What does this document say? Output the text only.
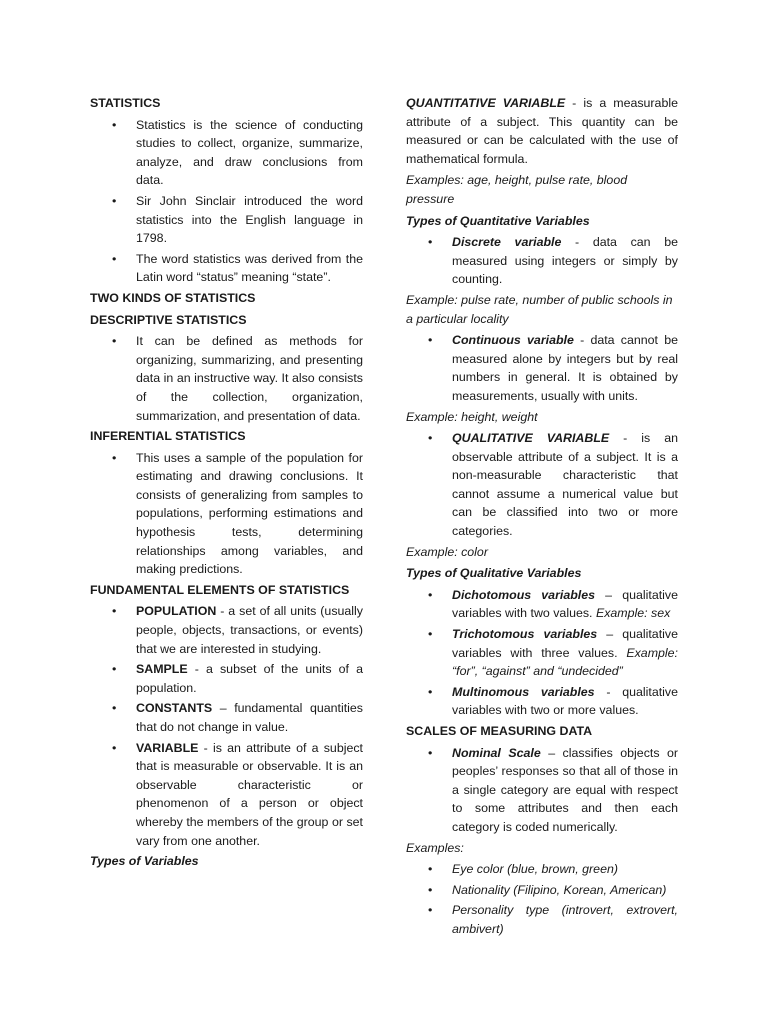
STATISTICS
• Statistics is the science of conducting studies to collect, organize, summarize, analyze, and draw conclusions from data.
• Sir John Sinclair introduced the word statistics into the English language in 1798.
• The word statistics was derived from the Latin word “status” meaning “state”.
TWO KINDS OF STATISTICS
DESCRIPTIVE STATISTICS
• It can be defined as methods for organizing, summarizing, and presenting data in an instructive way. It also consists of the collection, organization, summarization, and presentation of data.
INFERENTIAL STATISTICS
• This uses a sample of the population for estimating and drawing conclusions. It consists of generalizing from samples to populations, performing estimations and hypothesis tests, determining relationships among variables, and making predictions.
FUNDAMENTAL ELEMENTS OF STATISTICS
• POPULATION - a set of all units (usually people, objects, transactions, or events) that we are interested in studying.
• SAMPLE - a subset of the units of a population.
• CONSTANTS – fundamental quantities that do not change in value.
• VARIABLE - is an attribute of a subject that is measurable or observable. It is an observable characteristic or phenomenon of a person or object whereby the members of the group or set vary from one another.
Types of Variables
QUANTITATIVE VARIABLE - is a measurable attribute of a subject. This quantity can be measured or can be calculated with the use of mathematical formula.
Examples: age, height, pulse rate, blood pressure
Types of Quantitative Variables
• Discrete variable - data can be measured using integers or simply by counting.
Example: pulse rate, number of public schools in a particular locality
• Continuous variable - data cannot be measured alone by integers but by real numbers in general. It is obtained by measurements, usually with units.
Example: height, weight
• QUALITATIVE VARIABLE - is an observable attribute of a subject. It is a non-measurable characteristic that cannot assume a numerical value but can be classified into two or more categories.
Example: color
Types of Qualitative Variables
• Dichotomous variables – qualitative variables with two values. Example: sex
• Trichotomous variables – qualitative variables with three values. Example: “for”, “against” and “undecided”
• Multinomous variables - qualitative variables with two or more values.
SCALES OF MEASURING DATA
• Nominal Scale – classifies objects or peoples’ responses so that all of those in a single category are equal with respect to some attributes and then each category is coded numerically.
Examples:
• Eye color (blue, brown, green)
• Nationality (Filipino, Korean, American)
• Personality type (introvert, extrovert, ambivert)
